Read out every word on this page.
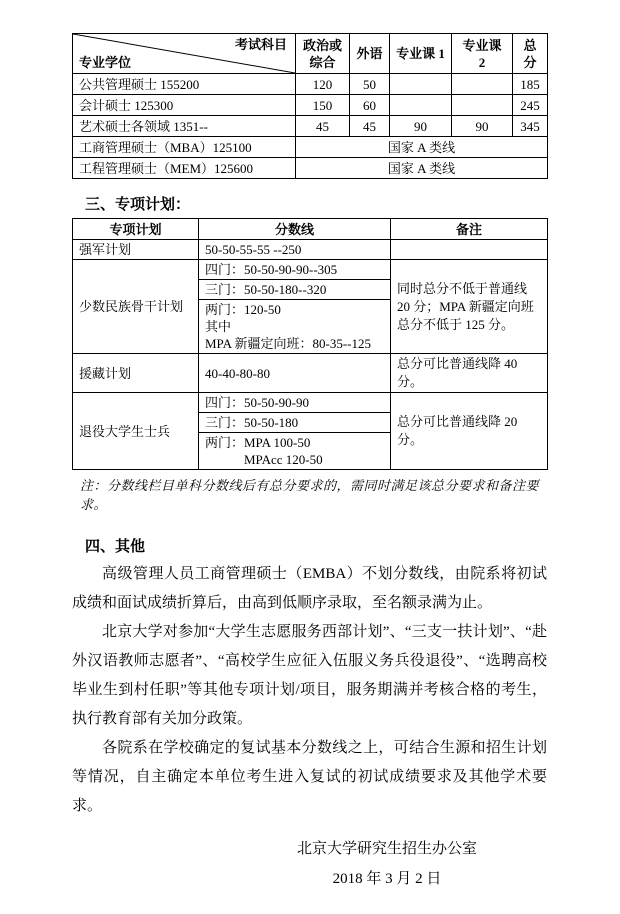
考试科目
专业学位	政治或综合	外语	专业课 1	专业课 2	总分
公共管理硕士 155200	120	50			185
会计硕士 125300	150	60			245
艺术硕士各领域 1351--	45	45	90	90	345
工商管理硕士（MBA）125100	国家 A 类线				
工程管理硕士（MEM）125600	国家 A 类线				
三、专项计划：
专项计划	分数线	备注
强军计划	50-50-55-55 --250	

少数民族骨干计划	四门：50-50-90-90--305	同时总分不低于普通线 20 分；MPA 新疆定向班总分不低于 125 分。

	三门：50-50-180--320	

	两门：120-50
其中
MPA 新疆定向班：80-35--125	

援藏计划	40-40-80-80	总分可比普通线降 40 分。
退役大学生士兵	四门：50-50-90-90	总分可比普通线降 20 分。

	三门：50-50-180	

	两门：MPA 100-50
　　　MPAcc 120-50	
注：分数线栏目单科分数线后有总分要求的，需同时满足该总分要求和备注要求。
四、其他

高级管理人员工商管理硕士（EMBA）不划分数线，由院系将初试成绩和面试成绩折算后，由高到低顺序录取，至名额录满为止。

北京大学对参加“大学生志愿服务西部计划”、“三支一扶计划”、“赴外汉语教师志愿者”、“高校学生应征入伍服义务兵役退役”、“选聘高校毕业生到村任职”等其他专项计划/项目，服务期满并考核合格的考生，执行教育部有关加分政策。

各院系在学校确定的复试基本分数线之上，可结合生源和招生计划等情况，自主确定本单位考生进入复试的初试成绩要求及其他学术要求。

北京大学研究生招生办公室
2018 年 3 月 2 日
